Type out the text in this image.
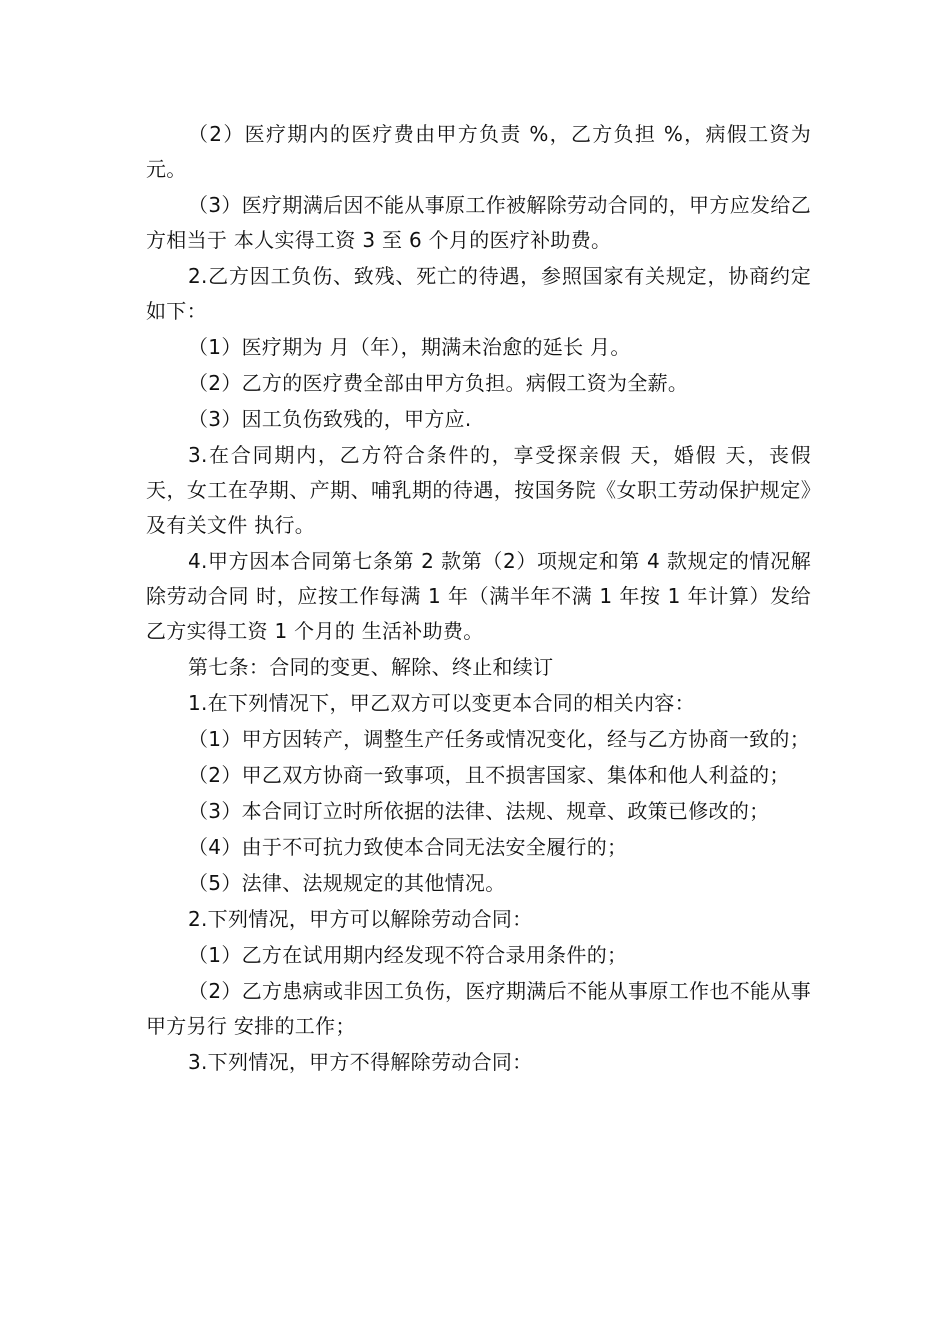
（2）医疗期内的医疗费由甲方负责 %，乙方负担 %，病假工资为 元。

（3）医疗期满后因不能从事原工作被解除劳动合同的，甲方应发给乙方相当于 本人实得工资 3 至 6 个月的医疗补助费。

2.乙方因工负伤、致残、死亡的待遇，参照国家有关规定，协商约定如下：

（1）医疗期为 月（年），期满未治愈的延长 月。

（2）乙方的医疗费全部由甲方负担。病假工资为全薪。

（3）因工负伤致残的，甲方应.

3.在合同期内，乙方符合条件的，享受探亲假 天，婚假 天，丧假 天，女工在孕期、产期、哺乳期的待遇，按国务院《女职工劳动保护规定》及有关文件 执行。

4.甲方因本合同第七条第 2 款第（2）项规定和第 4 款规定的情况解除劳动合同 时，应按工作每满 1 年（满半年不满 1 年按 1 年计算）发给乙方实得工资 1 个月的 生活补助费。

第七条：合同的变更、解除、终止和续订

1.在下列情况下，甲乙双方可以变更本合同的相关内容：

（1）甲方因转产，调整生产任务或情况变化，经与乙方协商一致的；

（2）甲乙双方协商一致事项，且不损害国家、集体和他人利益的；

（3）本合同订立时所依据的法律、法规、规章、政策已修改的；

（4）由于不可抗力致使本合同无法安全履行的；

（5）法律、法规规定的其他情况。

2.下列情况，甲方可以解除劳动合同：

（1）乙方在试用期内经发现不符合录用条件的；

（2）乙方患病或非因工负伤，医疗期满后不能从事原工作也不能从事甲方另行 安排的工作；

3.下列情况，甲方不得解除劳动合同：
